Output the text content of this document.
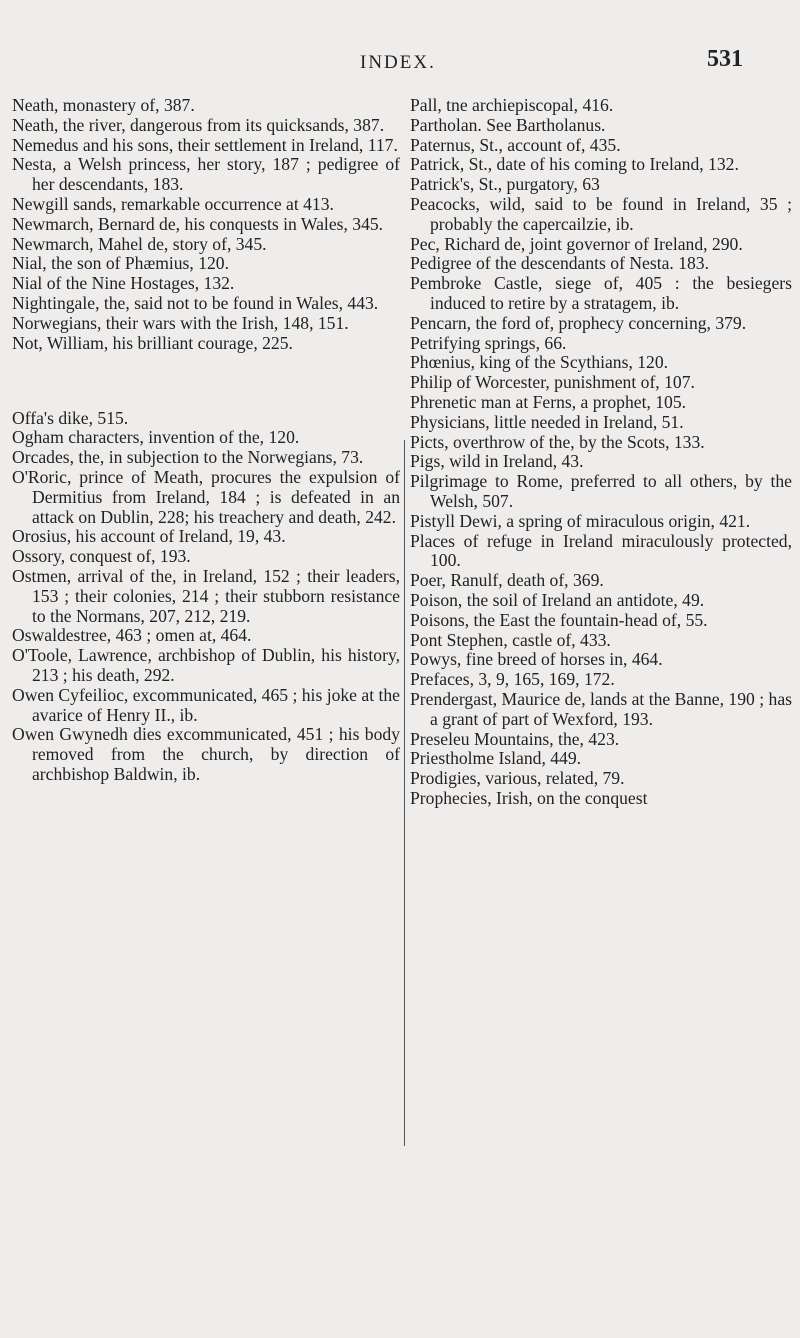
INDEX.	531

Neath, monastery of, 387.

Neath, the river, dangerous from its quicksands, 387.

Nemedus and his sons, their settlement in Ireland, 117.

Nesta, a Welsh princess, her story, 187 ; pedigree of her descendants, 183.

Newgill sands, remarkable occurrence at 413.

Newmarch, Bernard de, his conquests in Wales, 345.

Newmarch, Mahel de, story of, 345.

Nial, the son of Phæmius, 120.

Nial of the Nine Hostages, 132.

Nightingale, the, said not to be found in Wales, 443.

Norwegians, their wars with the Irish, 148, 151.

Not, William, his brilliant courage, 225.

Offa's dike, 515.

Ogham characters, invention of the, 120.

Orcades, the, in subjection to the Norwegians, 73.

O'Roric, prince of Meath, procures the expulsion of Dermitius from Ireland, 184 ; is defeated in an attack on Dublin, 228; his treachery and death, 242.

Orosius, his account of Ireland, 19, 43.

Ossory, conquest of, 193.

Ostmen, arrival of the, in Ireland, 152 ; their leaders, 153 ; their colonies, 214 ; their stubborn resistance to the Normans, 207, 212, 219.

Oswaldestree, 463 ; omen at, 464.

O'Toole, Lawrence, archbishop of Dublin, his history, 213 ; his death, 292.

Owen Cyfeilioc, excommunicated, 465 ; his joke at the avarice of Henry II., ib.

Owen Gwynedh dies excommunicated, 451 ; his body removed from the church, by direction of archbishop Baldwin, ib.

Pall, tne archiepiscopal, 416.

Partholan. See Bartholanus.

Paternus, St., account of, 435.

Patrick, St., date of his coming to Ireland, 132.

Patrick's, St., purgatory, 63

Peacocks, wild, said to be found in Ireland, 35 ; probably the capercailzie, ib.

Pec, Richard de, joint governor of Ireland, 290.

Pedigree of the descendants of Nesta. 183.

Pembroke Castle, siege of, 405 : the besiegers induced to retire by a stratagem, ib.

Pencarn, the ford of, prophecy concerning, 379.

Petrifying springs, 66.

Phœnius, king of the Scythians, 120.

Philip of Worcester, punishment of, 107.

Phrenetic man at Ferns, a prophet, 105.

Physicians, little needed in Ireland, 51.

Picts, overthrow of the, by the Scots, 133.

Pigs, wild in Ireland, 43.

Pilgrimage to Rome, preferred to all others, by the Welsh, 507.

Pistyll Dewi, a spring of miraculous origin, 421.

Places of refuge in Ireland miraculously protected, 100.

Poer, Ranulf, death of, 369.

Poison, the soil of Ireland an antidote, 49.

Poisons, the East the fountain-head of, 55.

Pont Stephen, castle of, 433.

Powys, fine breed of horses in, 464.

Prefaces, 3, 9, 165, 169, 172.

Prendergast, Maurice de, lands at the Banne, 190 ; has a grant of part of Wexford, 193.

Preseleu Mountains, the, 423.

Priestholme Island, 449.

Prodigies, various, related, 79.

Prophecies, Irish, on the conquest
